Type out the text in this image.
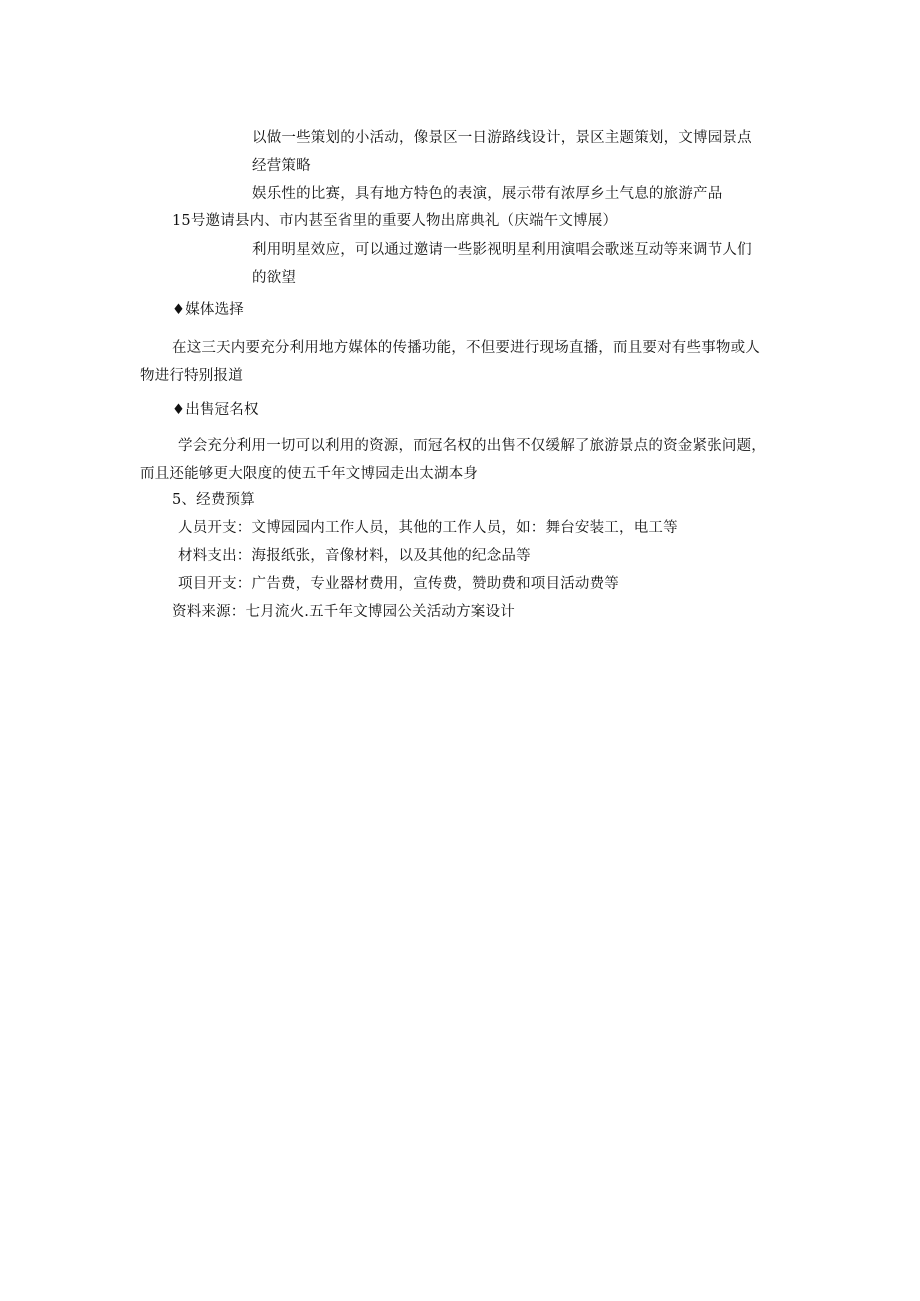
以做一些策划的小活动，像景区一日游路线设计，景区主题策划，文博园景点
经营策略
娱乐性的比赛，具有地方特色的表演，展示带有浓厚乡土气息的旅游产品
15号邀请县内、市内甚至省里的重要人物出席典礼（庆端午文博展）
利用明星效应，可以通过邀请一些影视明星利用演唱会歌迷互动等来调节人们
的欲望
♦媒体选择
在这三天内要充分利用地方媒体的传播功能，不但要进行现场直播，而且要对有些事物或人
物进行特别报道
♦出售冠名权
学会充分利用一切可以利用的资源，而冠名权的出售不仅缓解了旅游景点的资金紧张问题，
而且还能够更大限度的使五千年文博园走出太湖本身
5、经费预算
人员开支：文博园园内工作人员，其他的工作人员，如：舞台安装工，电工等
材料支出：海报纸张，音像材料，以及其他的纪念品等
项目开支：广告费，专业器材费用，宣传费，赞助费和项目活动费等
资料来源：七月流火.五千年文博园公关活动方案设计
